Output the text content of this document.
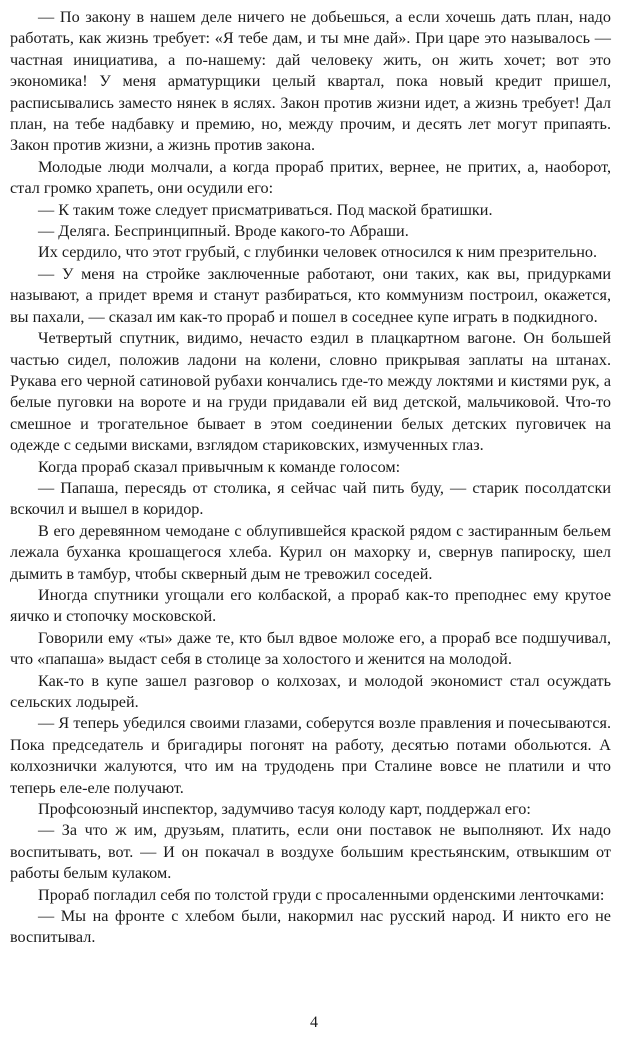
— По закону в нашем деле ничего не добьешься, а если хочешь дать план, надо работать, как жизнь требует: «Я тебе дам, и ты мне дай». При царе это называлось — частная инициатива, а по-нашему: дай человеку жить, он жить хочет; вот это экономика! У меня арматурщики целый квартал, пока новый кредит пришел, расписывались заместо нянек в яслях. Закон против жизни идет, а жизнь требует! Дал план, на тебе надбавку и премию, но, между прочим, и десять лет могут припаять. Закон против жизни, а жизнь против закона.

Молодые люди молчали, а когда прораб притих, вернее, не притих, а, наоборот, стал громко храпеть, они осудили его:

— К таким тоже следует присматриваться. Под маской братишки.

— Деляга. Беспринципный. Вроде какого-то Абраши.

Их сердило, что этот грубый, с глубинки человек относился к ним презрительно.

— У меня на стройке заключенные работают, они таких, как вы, придурками называют, а придет время и станут разбираться, кто коммунизм построил, окажется, вы пахали, — сказал им как-то прораб и пошел в соседнее купе играть в подкидного.

Четвертый спутник, видимо, нечасто ездил в плацкартном вагоне. Он большей частью сидел, положив ладони на колени, словно прикрывая заплаты на штанах. Рукава его черной сатиновой рубахи кончались где-то между локтями и кистями рук, а белые пуговки на вороте и на груди придавали ей вид детской, мальчиковой. Что-то смешное и трогательное бывает в этом соединении белых детских пуговичек на одежде с седыми висками, взглядом стариковских, измученных глаз.

Когда прораб сказал привычным к команде голосом:

— Папаша, пересядь от столика, я сейчас чай пить буду, — старик посолдатски вскочил и вышел в коридор.

В его деревянном чемодане с облупившейся краской рядом с застиранным бельем лежала буханка крошащегося хлеба. Курил он махорку и, свернув папироску, шел дымить в тамбур, чтобы скверный дым не тревожил соседей.

Иногда спутники угощали его колбаской, а прораб как-то преподнес ему крутое яичко и стопочку московской.

Говорили ему «ты» даже те, кто был вдвое моложе его, а прораб все подшучивал, что «папаша» выдаст себя в столице за холостого и женится на молодой.

Как-то в купе зашел разговор о колхозах, и молодой экономист стал осуждать сельских лодырей.

— Я теперь убедился своими глазами, соберутся возле правления и почесываются. Пока председатель и бригадиры погонят на работу, десятью потами обольются. А колхознички жалуются, что им на трудодень при Сталине вовсе не платили и что теперь еле-еле получают.

Профсоюзный инспектор, задумчиво тасуя колоду карт, поддержал его:

— За что ж им, друзьям, платить, если они поставок не выполняют. Их надо воспитывать, вот. — И он покачал в воздухе большим крестьянским, отвыкшим от работы белым кулаком.

Прораб погладил себя по толстой груди с просаленными орденскими ленточками:

— Мы на фронте с хлебом были, накормил нас русский народ. И никто его не воспитывал.

4
